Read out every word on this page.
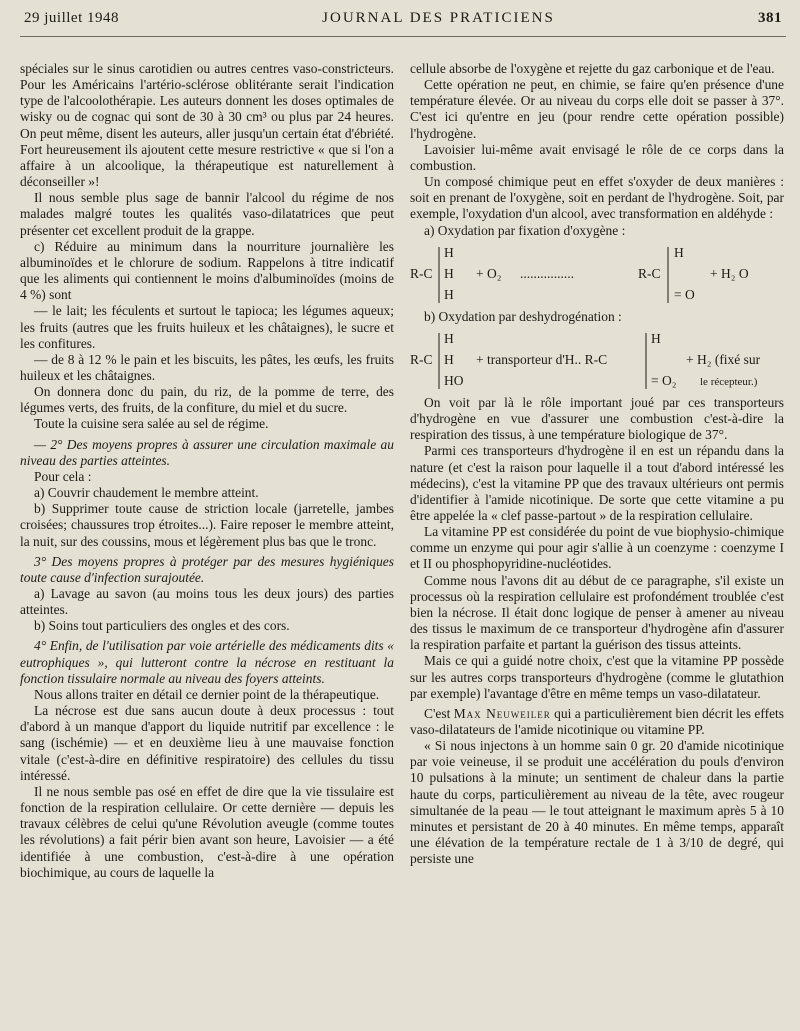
29 juillet 1948	JOURNAL DES PRATICIENS	381

spéciales sur le sinus carotidien ou autres centres vaso-constricteurs. Pour les Américains l'artério-sclérose oblitérante serait l'indication type de l'alcoolothérapie. Les auteurs donnent les doses optimales de wisky ou de cognac qui sont de 30 à 30 cm³ ou plus par 24 heures. On peut même, disent les auteurs, aller jusqu'un certain état d'ébriété. Fort heureusement ils ajoutent cette mesure restrictive « que si l'on a affaire à un alcoolique, la thérapeutique est naturellement à déconseiller »!

Il nous semble plus sage de bannir l'alcool du régime de nos malades malgré toutes les qualités vaso-dilatatrices que peut présenter cet excellent produit de la grappe.

c) Réduire au minimum dans la nourriture journalière les albuminoïdes et le chlorure de sodium. Rappelons à titre indicatif que les aliments qui contiennent le moins d'albuminoïdes (moins de 4 %) sont

— le lait; les féculents et surtout le tapioca; les légumes aqueux; les fruits (autres que les fruits huileux et les châtaignes), le sucre et les confitures.

— de 8 à 12 % le pain et les biscuits, les pâtes, les œufs, les fruits huileux et les châtaignes.

On donnera donc du pain, du riz, de la pomme de terre, des légumes verts, des fruits, de la confiture, du miel et du sucre.

Toute la cuisine sera salée au sel de régime.

— 2° Des moyens propres à assurer une circulation maximale au niveau des parties atteintes.

Pour cela :

a) Couvrir chaudement le membre atteint.

b) Supprimer toute cause de striction locale (jarretelle, jambes croisées; chaussures trop étroites...). Faire reposer le membre atteint, la nuit, sur des coussins, mous et légèrement plus bas que le tronc.

3° Des moyens propres à protéger par des mesures hygiéniques toute cause d'infection surajoutée.

a) Lavage au savon (au moins tous les deux jours) des parties atteintes.

b) Soins tout particuliers des ongles et des cors.

4° Enfin, de l'utilisation par voie artérielle des médicaments dits « eutrophiques », qui lutteront contre la nécrose en restituant la fonction tissulaire normale au niveau des foyers atteints.

Nous allons traiter en détail ce dernier point de la thérapeutique.

La nécrose est due sans aucun doute à deux processus : tout d'abord à un manque d'apport du liquide nutritif par excellence : le sang (ischémie) — et en deuxième lieu à une mauvaise fonction vitale (c'est-à-dire en définitive respiratoire) des cellules du tissu intéressé.

Il ne nous semble pas osé en effet de dire que la vie tissulaire est fonction de la respiration cellulaire. Or cette dernière — depuis les travaux célèbres de celui qu'une Révolution aveugle (comme toutes les révolutions) a fait périr bien avant son heure, Lavoisier — a été identifiée à une combustion, c'est-à-dire à une opération biochimique, au cours de laquelle la

cellule absorbe de l'oxygène et rejette du gaz carbonique et de l'eau.

Cette opération ne peut, en chimie, se faire qu'en présence d'une température élevée. Or au niveau du corps elle doit se passer à 37°. C'est ici qu'entre en jeu (pour rendre cette opération possible) l'hydrogène.

Lavoisier lui-même avait envisagé le rôle de ce corps dans la combustion.

Un composé chimique peut en effet s'oxyder de deux manières : soit en prenant de l'oxygène, soit en perdant de l'hydrogène. Soit, par exemple, l'oxydation d'un alcool, avec transformation en aldéhyde :

a) Oxydation par fixation d'oxygène :

R-C
H
H
H
+ O₂ ................	R-C
H
= O
+ H₂ O

b) Oxydation par deshydrogénation :

R-C
H
H
HO
+ transporteur d'H.. R-C
H
= O₂
+ H₂ (fixé sur
le récepteur.)

On voit par là le rôle important joué par ces transporteurs d'hydrogène en vue d'assurer une combustion c'est-à-dire la respiration des tissus, à une température biologique de 37°.

Parmi ces transporteurs d'hydrogène il en est un répandu dans la nature (et c'est la raison pour laquelle il a tout d'abord intéressé les médecins), c'est la vitamine PP que des travaux ultérieurs ont permis d'identifier à l'amide nicotinique. De sorte que cette vitamine a pu être appelée la « clef passe-partout » de la respiration cellulaire.

La vitamine PP est considérée du point de vue biophysio-chimique comme un enzyme qui pour agir s'allie à un coenzyme : coenzyme I et II ou phosphopyridine-nucléotides.

Comme nous l'avons dit au début de ce paragraphe, s'il existe un processus où la respiration cellulaire est profondément troublée c'est bien la nécrose. Il était donc logique de penser à amener au niveau des tissus le maximum de ce transporteur d'hydrogène afin d'assurer la respiration parfaite et partant la guérison des tissus atteints.

Mais ce qui a guidé notre choix, c'est que la vitamine PP possède sur les autres corps transporteurs d'hydrogène (comme le glutathion par exemple) l'avantage d'être en même temps un vaso-dilatateur.

C'est Max Neuweiler qui a particulièrement bien décrit les effets vaso-dilatateurs de l'amide nicotinique ou vitamine PP.

« Si nous injectons à un homme sain 0 gr. 20 d'amide nicotinique par voie veineuse, il se produit une accélération du pouls d'environ 10 pulsations à la minute; un sentiment de chaleur dans la partie haute du corps, particulièrement au niveau de la tête, avec rougeur simultanée de la peau — le tout atteignant le maximum après 5 à 10 minutes et persistant de 20 à 40 minutes. En même temps, apparaît une élévation de la température rectale de 1 à 3/10 de degré, qui persiste une
